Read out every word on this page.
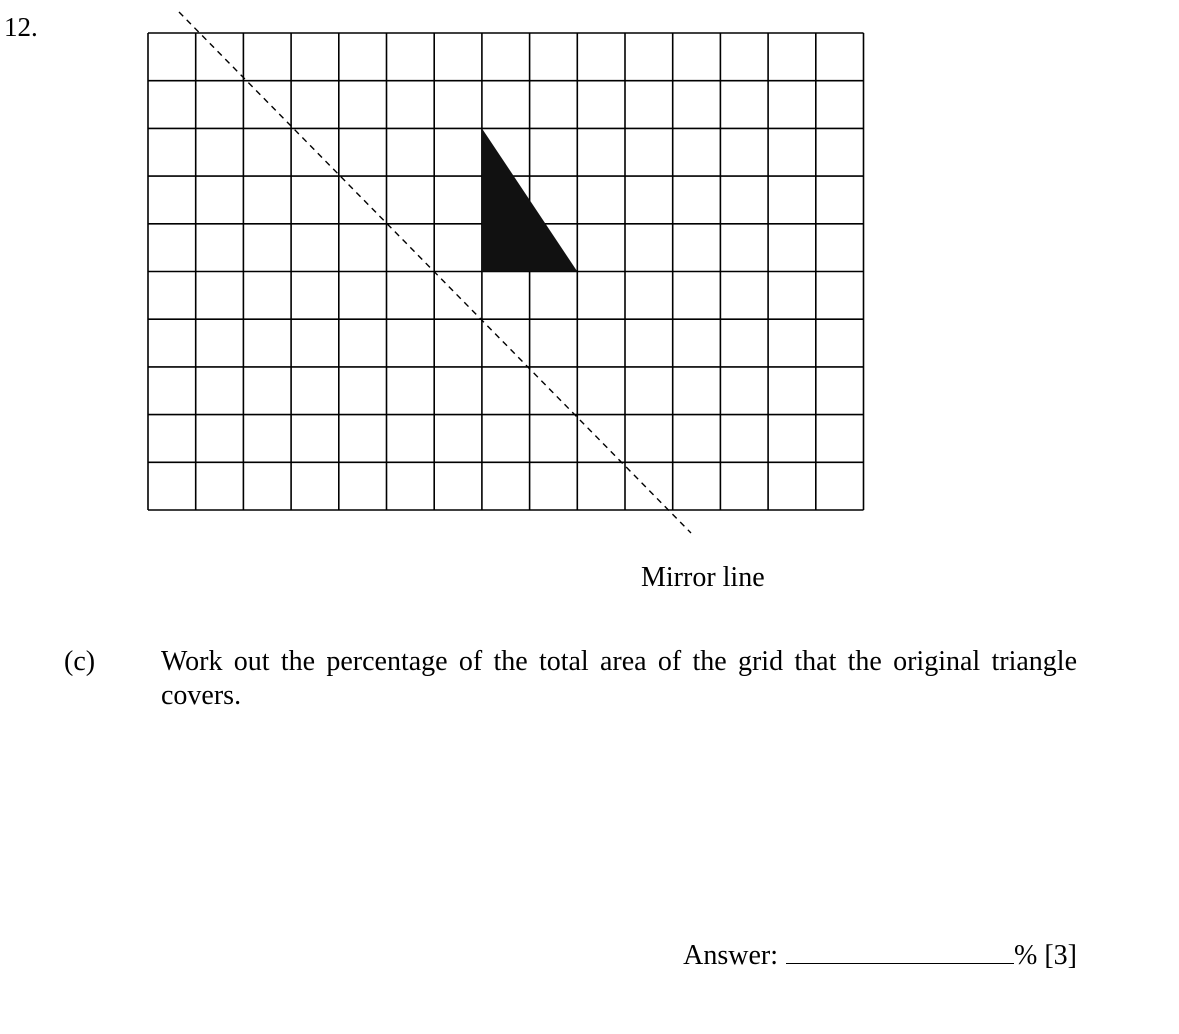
12.
Mirror line
(c) Work out the percentage of the total area of the grid that the original triangle covers.
Answer:	% [3]
